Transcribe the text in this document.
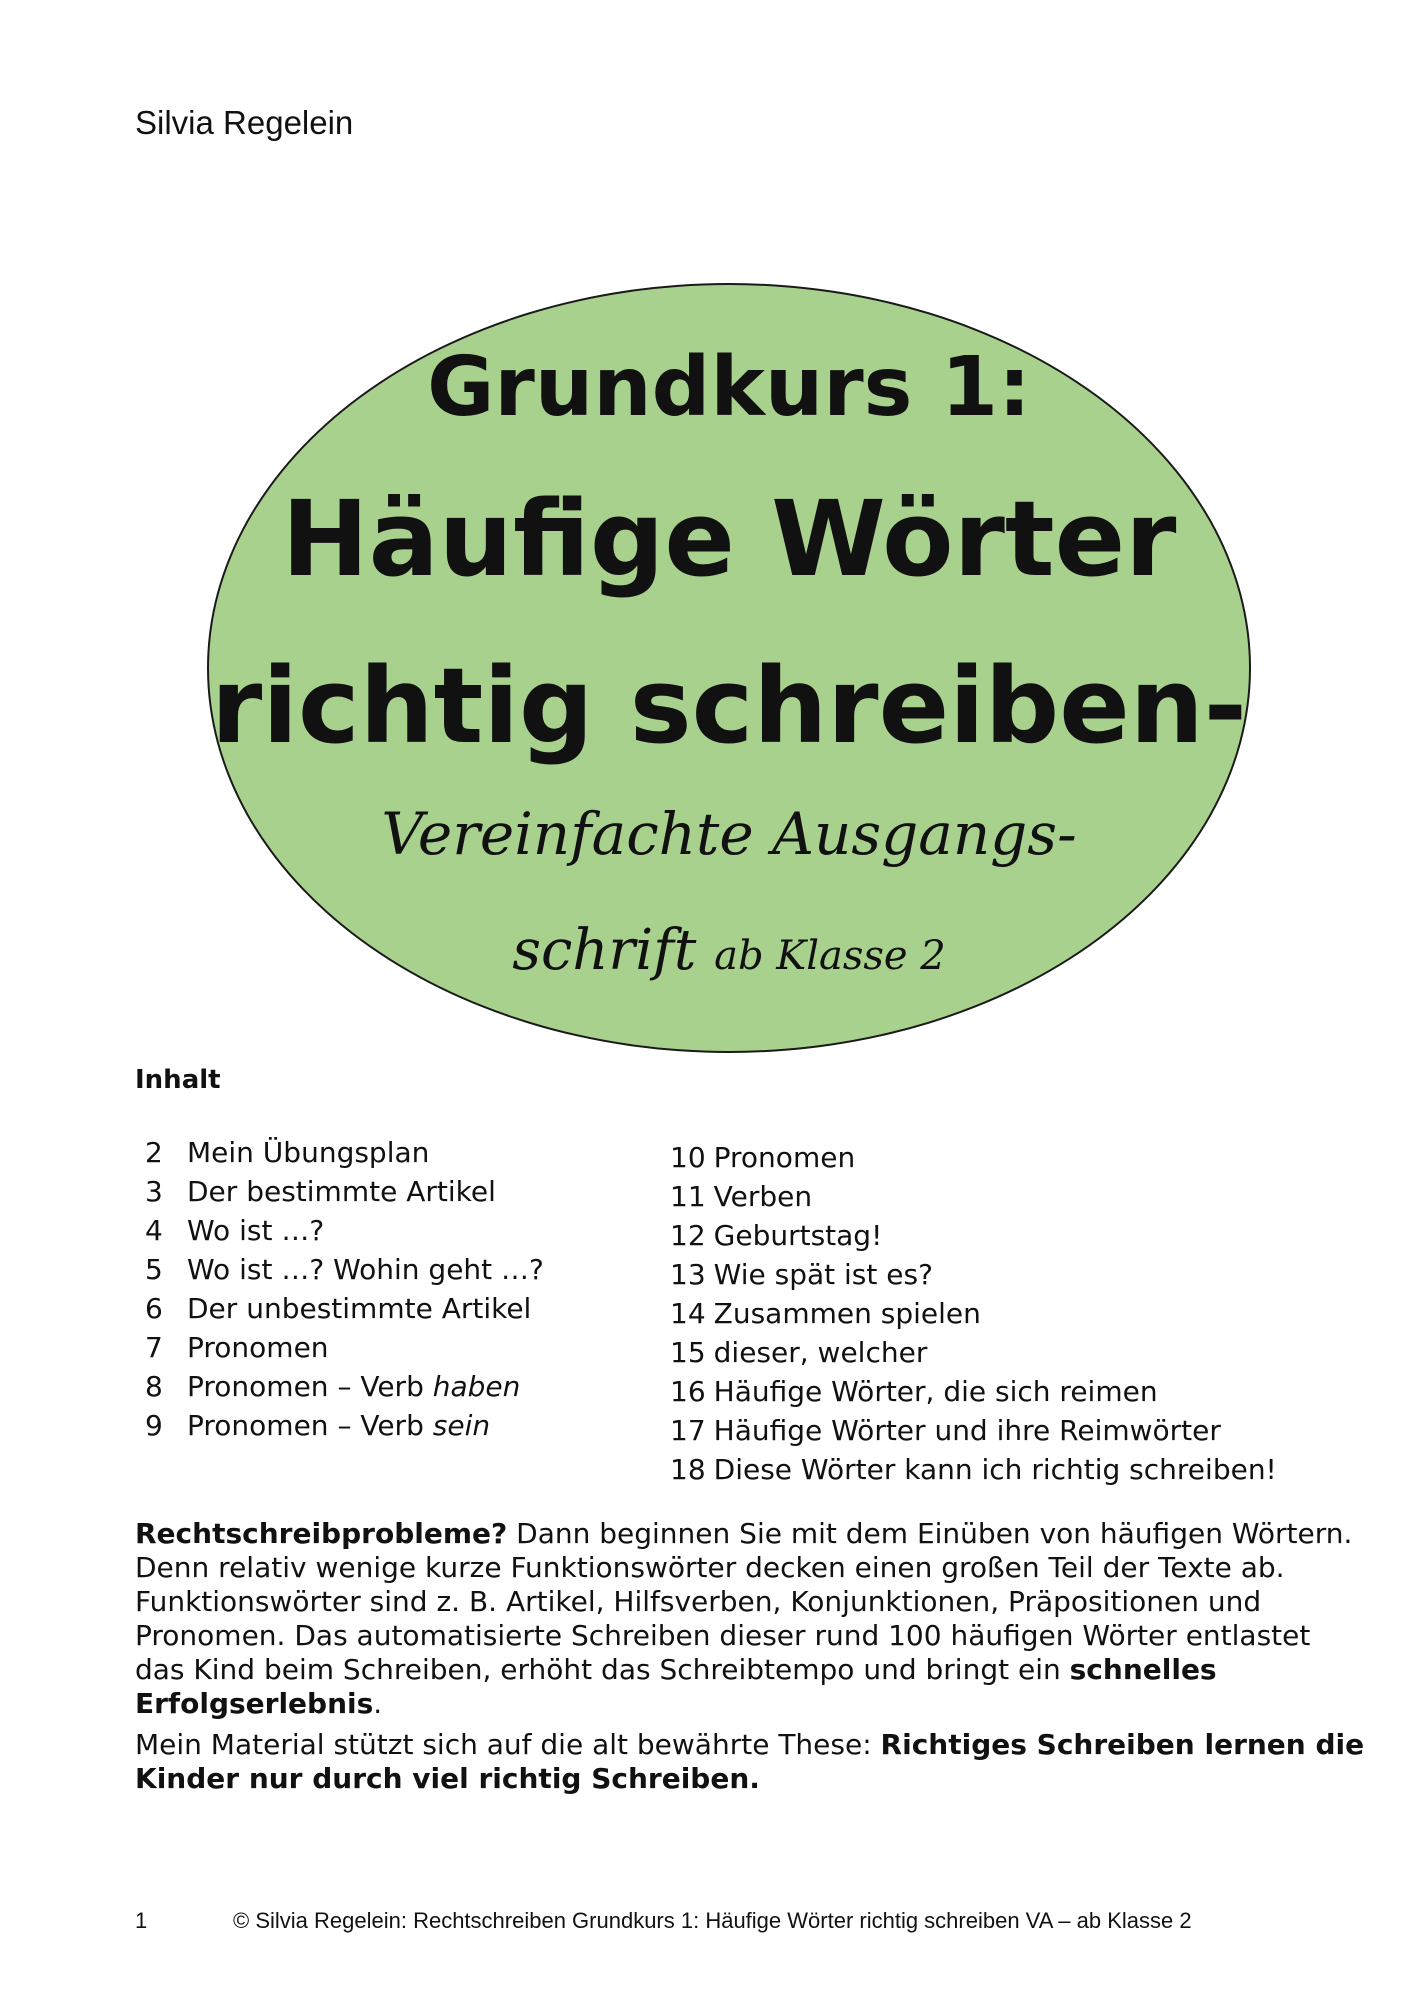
Silvia Regelein
Grundkurs 1:
Häufige Wörter
richtig schreiben-
Vereinfachte Ausgangs-
schrift ab Klasse 2
Inhalt
2 Mein Übungsplan
3 Der bestimmte Artikel
4 Wo ist …?
5 Wo ist …? Wohin geht …?
6 Der unbestimmte Artikel
7 Pronomen
8 Pronomen – Verb haben
9 Pronomen – Verb sein
10 Pronomen
11 Verben
12 Geburtstag!
13 Wie spät ist es?
14 Zusammen spielen
15 dieser, welcher
16 Häufige Wörter, die sich reimen
17 Häufige Wörter und ihre Reimwörter
18 Diese Wörter kann ich richtig schreiben!
Rechtschreibprobleme? Dann beginnen Sie mit dem Einüben von häufigen Wörtern. Denn relativ wenige kurze Funktionswörter decken einen großen Teil der Texte ab. Funktionswörter sind z. B. Artikel, Hilfsverben, Konjunktionen, Präpositionen und Pronomen. Das automatisierte Schreiben dieser rund 100 häufigen Wörter entlastet das Kind beim Schreiben, erhöht das Schreibtempo und bringt ein schnelles Erfolgserlebnis.
Mein Material stützt sich auf die alt bewährte These: Richtiges Schreiben lernen die Kinder nur durch viel richtig Schreiben.
1	© Silvia Regelein: Rechtschreiben Grundkurs 1: Häufige Wörter richtig schreiben VA – ab Klasse 2
